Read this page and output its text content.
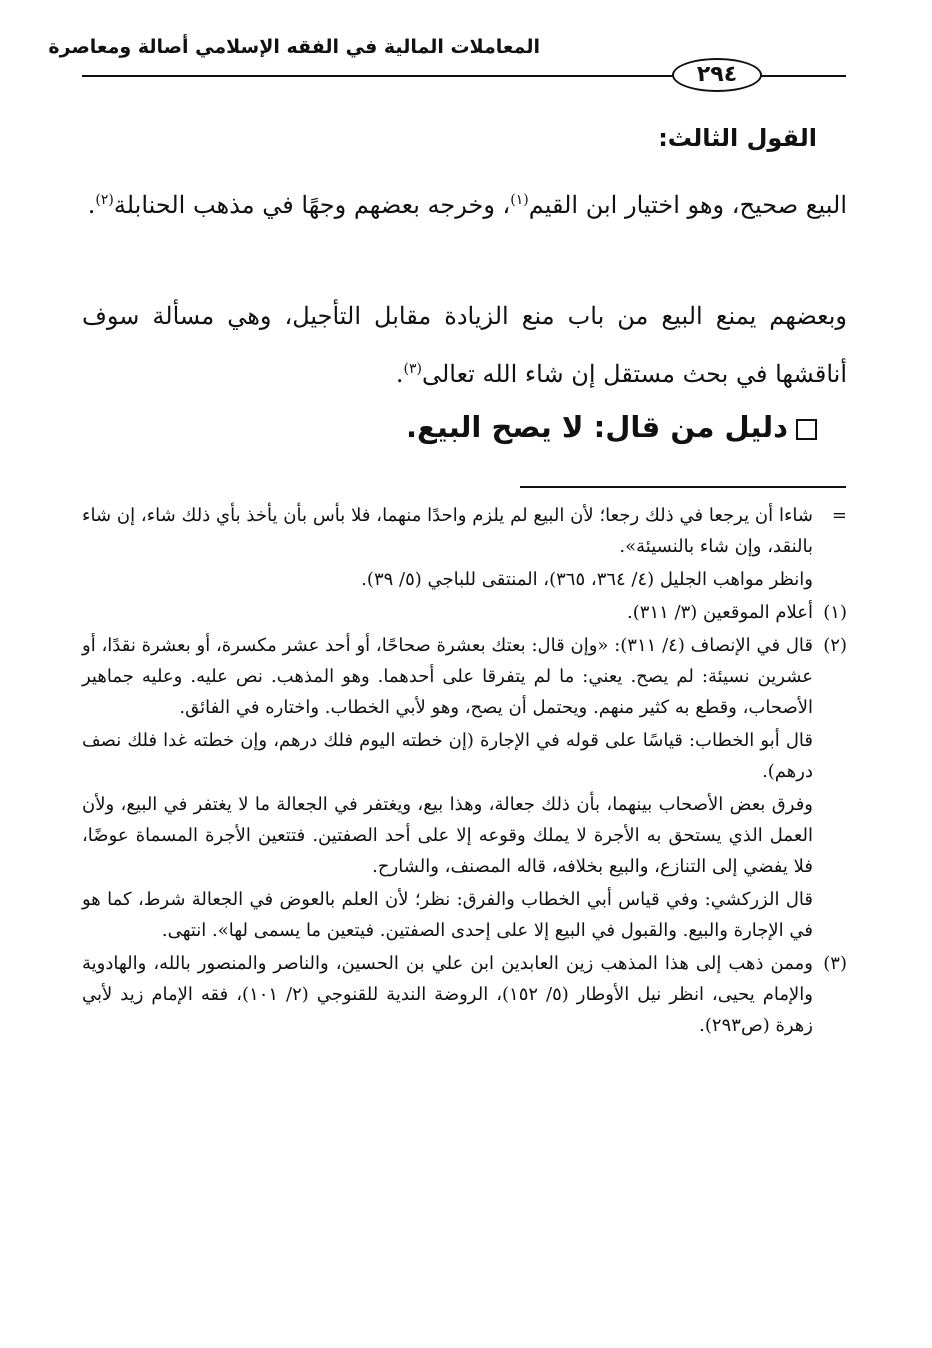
المعاملات المالية في الفقه الإسلامي أصالة ومعاصرة
٢٩٤
القول الثالث:
البيع صحيح، وهو اختيار ابن القيم$^{(١)}$، وخرجه بعضهم وجهًا في مذهب الحنابلة$^{(٢)}$.
وبعضهم يمنع البيع من باب منع الزيادة مقابل التأجيل، وهي مسألة سوف أناقشها في بحث مستقل إن شاء الله تعالى$^{(٣)}$.
دليل من قال: لا يصح البيع.
=
شاءا أن يرجعا في ذلك رجعا؛ لأن البيع لم يلزم واحدًا منهما، فلا بأس بأن يأخذ بأي ذلك شاء، إن شاء بالنقد، وإن شاء بالنسيئة».
وانظر مواهب الجليل (٤/ ٣٦٤، ٣٦٥)، المنتقى للباجي (٥/ ٣٩).
(١)
أعلام الموقعين (٣/ ٣١١).
(٢)
قال في الإنصاف (٤/ ٣١١): «وإن قال: بعتك بعشرة صحاحًا، أو أحد عشر مكسرة، أو بعشرة نقدًا، أو عشرين نسيئة: لم يصح. يعني: ما لم يتفرقا على أحدهما. وهو المذهب. نص عليه. وعليه جماهير الأصحاب، وقطع به كثير منهم. ويحتمل أن يصح، وهو لأبي الخطاب. واختاره في الفائق.
قال أبو الخطاب: قياسًا على قوله في الإجارة (إن خطته اليوم فلك درهم، وإن خطته غدا فلك نصف درهم).
وفرق بعض الأصحاب بينهما، بأن ذلك جعالة، وهذا بيع، ويغتفر في الجعالة ما لا يغتفر في البيع، ولأن العمل الذي يستحق به الأجرة لا يملك وقوعه إلا على أحد الصفتين. فتتعين الأجرة المسماة عوضًا، فلا يفضي إلى التنازع، والبيع بخلافه، قاله المصنف، والشارح.
قال الزركشي: وفي قياس أبي الخطاب والفرق: نظر؛ لأن العلم بالعوض في الجعالة شرط، كما هو في الإجارة والبيع. والقبول في البيع إلا على إحدى الصفتين. فيتعين ما يسمى لها». انتهى.
(٣)
وممن ذهب إلى هذا المذهب زين العابدين ابن علي بن الحسين، والناصر والمنصور بالله، والهادوية والإمام يحيى، انظر نيل الأوطار (٥/ ١٥٢)، الروضة الندية للقنوجي (٢/ ١٠١)، فقه الإمام زيد لأبي زهرة (ص٢٩٣).
